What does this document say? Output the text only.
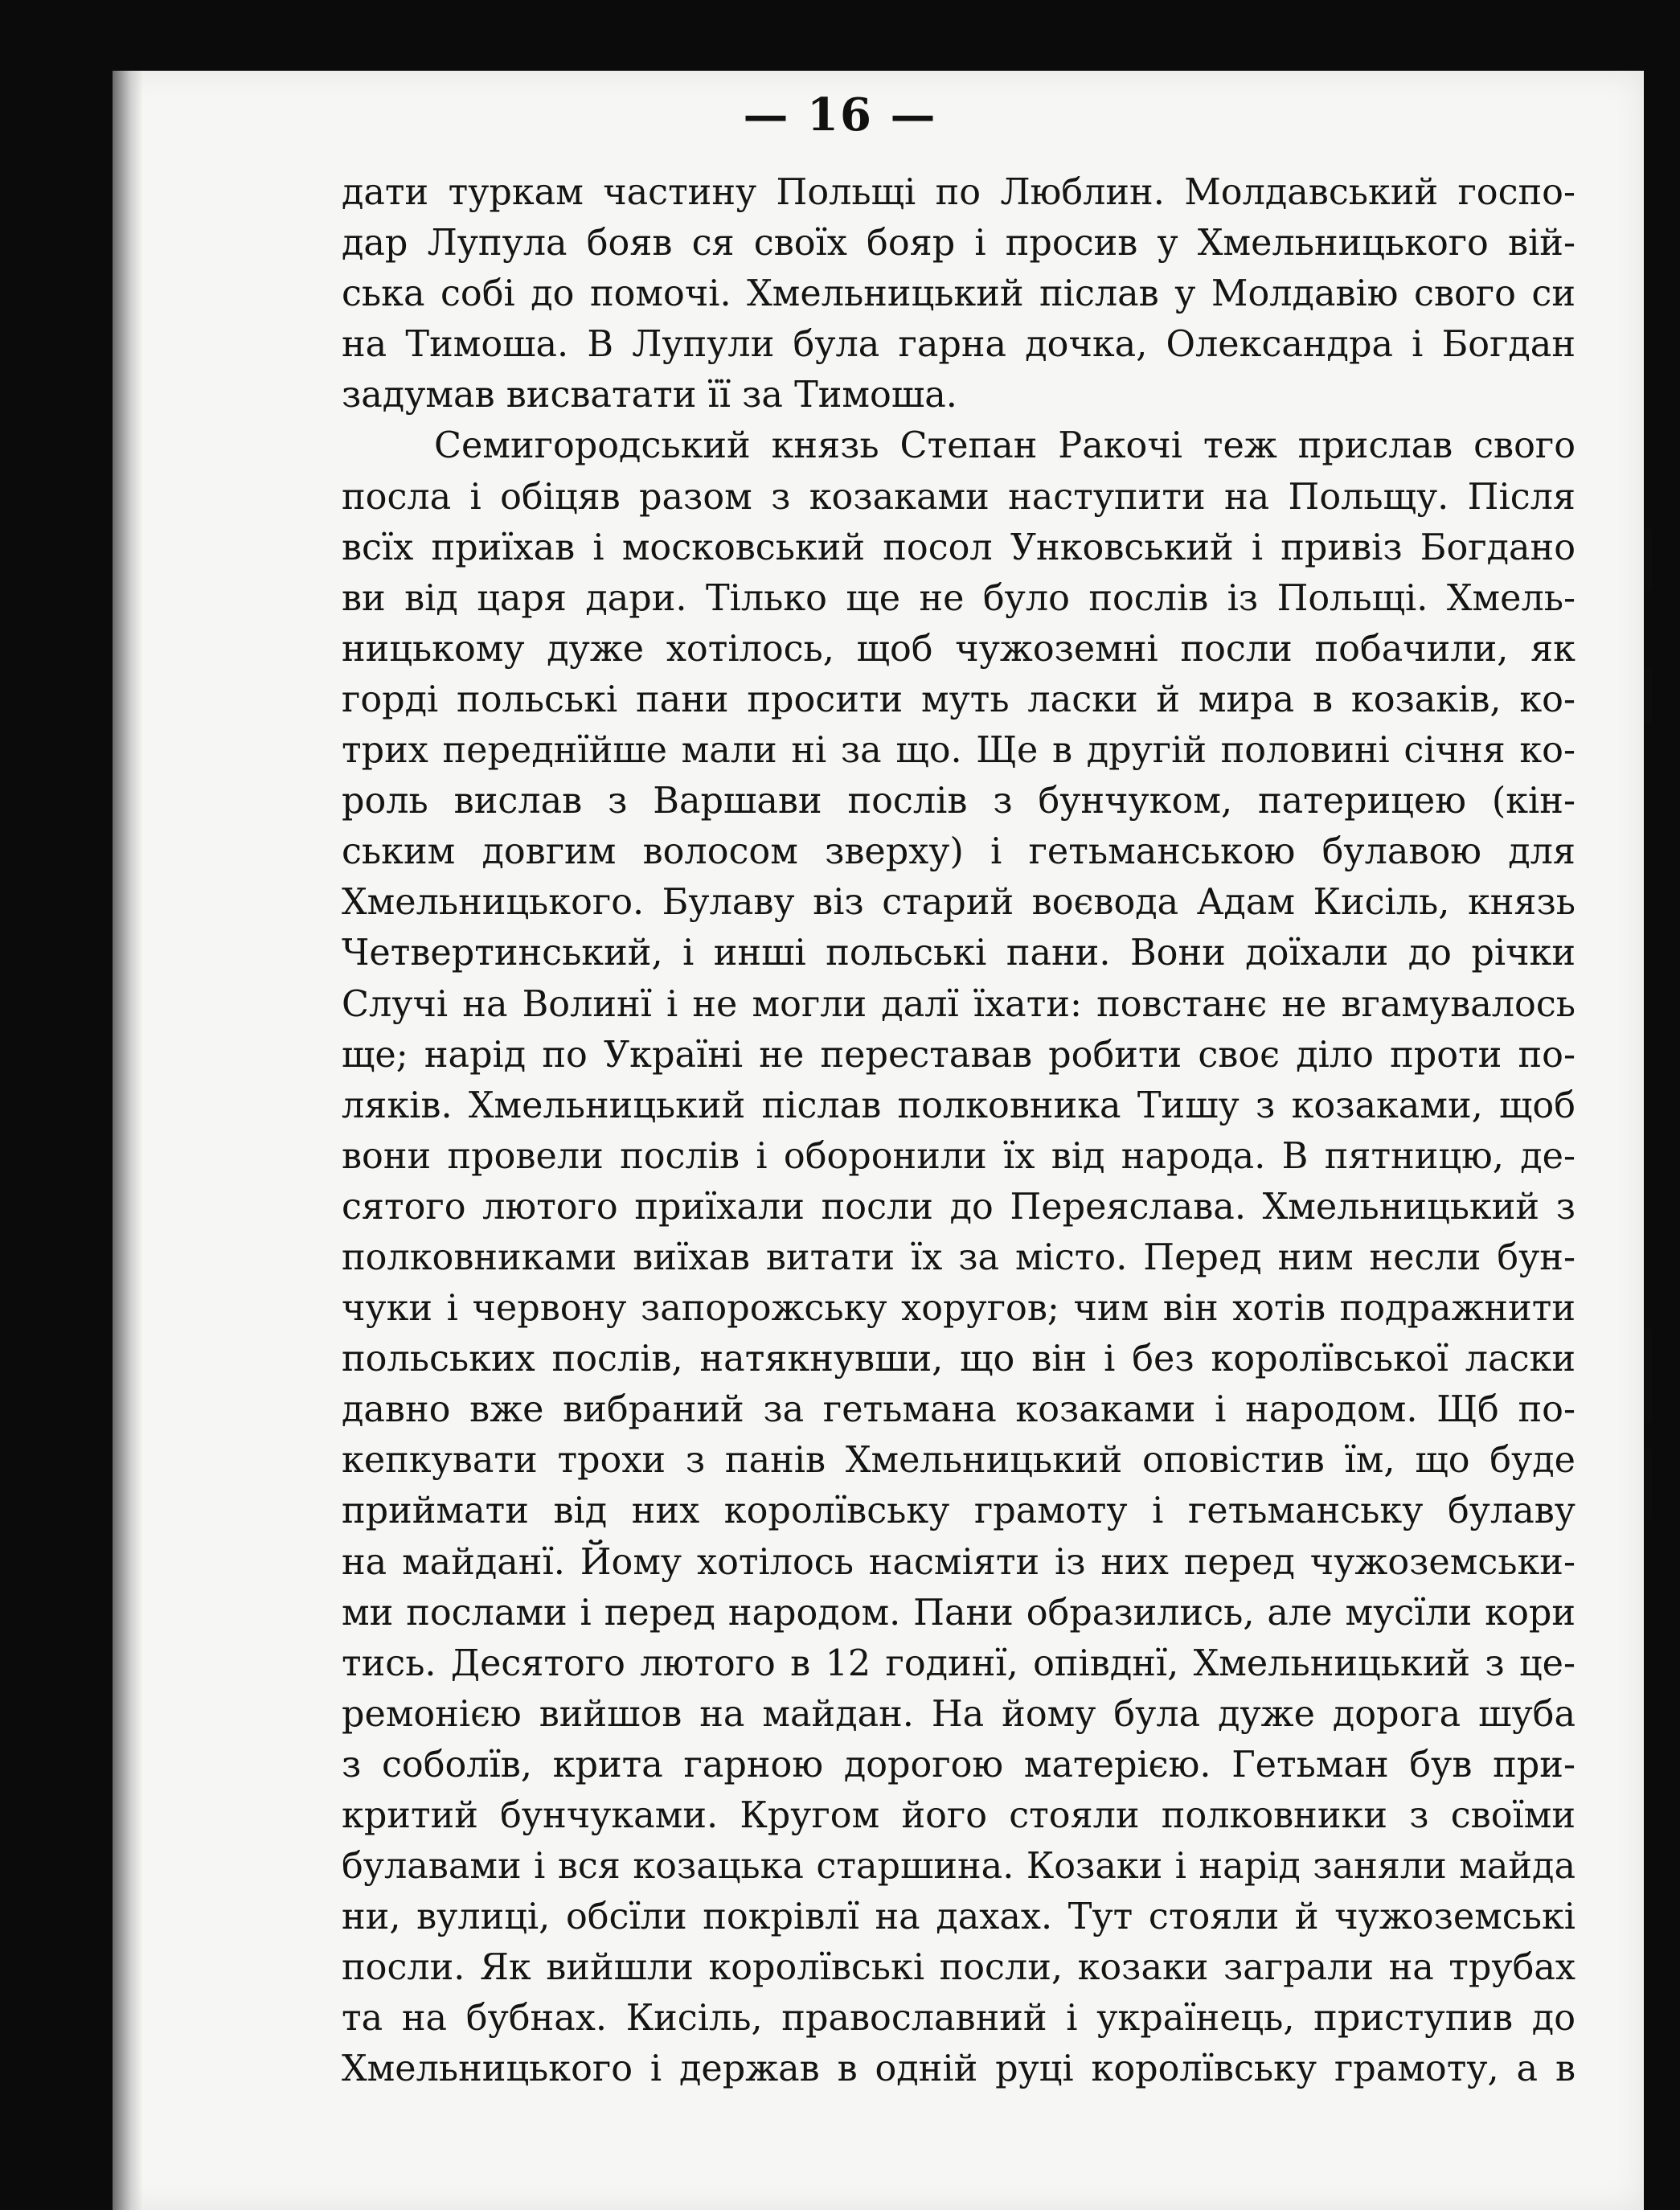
— 16 —
дати туркам частину Польщі по Люблин. Молдавський госпо-
дар Лупула бояв ся своїх бояр і просив у Хмельницького вій-
ська собі до помочі. Хмельницький післав у Молдавію свого си
на Тимоша. В Лупули була гарна дочка, Олександра і Богдан
задумав висватати її за Тимоша.
Семигородський князь Степан Ракочі теж прислав свого
посла і обіцяв разом з козаками наступити на Польщу. Після
всїх приїхав і московський посол Унковський і привіз Богдано
ви від царя дари. Тілько ще не було послів із Польщі. Хмель-
ницькому дуже хотілось, щоб чужоземні посли побачили, як
горді польські пани просити муть ласки й мира в козаків, ко-
трих переднїйше мали ні за що. Ще в другій половині січня ко-
роль вислав з Варшави послів з бунчуком, патерицею (кін-
ським довгим волосом зверху) і гетьманською булавою для
Хмельницького. Булаву віз старий воєвода Адам Кисіль, князь
Четвертинський, і инші польські пани. Вони доїхали до річки
Случі на Волинї і не могли далї їхати: повстанє не вгамувалось
ще; нарід по Україні не переставав робити своє діло проти по-
ляків. Хмельницький післав полковника Тишу з козаками, щоб
вони провели послів і оборонили їх від народа. В пятницю, де-
сятого лютого приїхали посли до Переяслава. Хмельницький з
полковниками виїхав витати їх за місто. Перед ним несли бун-
чуки і червону запорожську хоругов; чим він хотів подражнити
польських послів, натякнувши, що він і без королївської ласки
давно вже вибраний за гетьмана козаками і народом. Щб по-
кепкувати трохи з панів Хмельницький оповістив їм, що буде
приймати від них королївську грамоту і гетьманську булаву
на майданї. Йому хотілось насміяти із них перед чужоземськи-
ми послами і перед народом. Пани образились, але мусїли кори
тись. Десятого лютого в 12 годинї, опівднї, Хмельницький з це-
ремонією вийшов на майдан. На йому була дуже дорога шуба
з соболїв, крита гарною дорогою матерією. Гетьман був при-
критий бунчуками. Кругом його стояли полковники з своїми
булавами і вся козацька старшина. Козаки і нарід заняли майда
ни, вулиці, обсїли покрівлї на дахах. Тут стояли й чужоземські
посли. Як вийшли королївські посли, козаки заграли на трубах
та на бубнах. Кисіль, православний і українець, приступив до
Хмельницького і держав в одній руці королївську грамоту, а в
